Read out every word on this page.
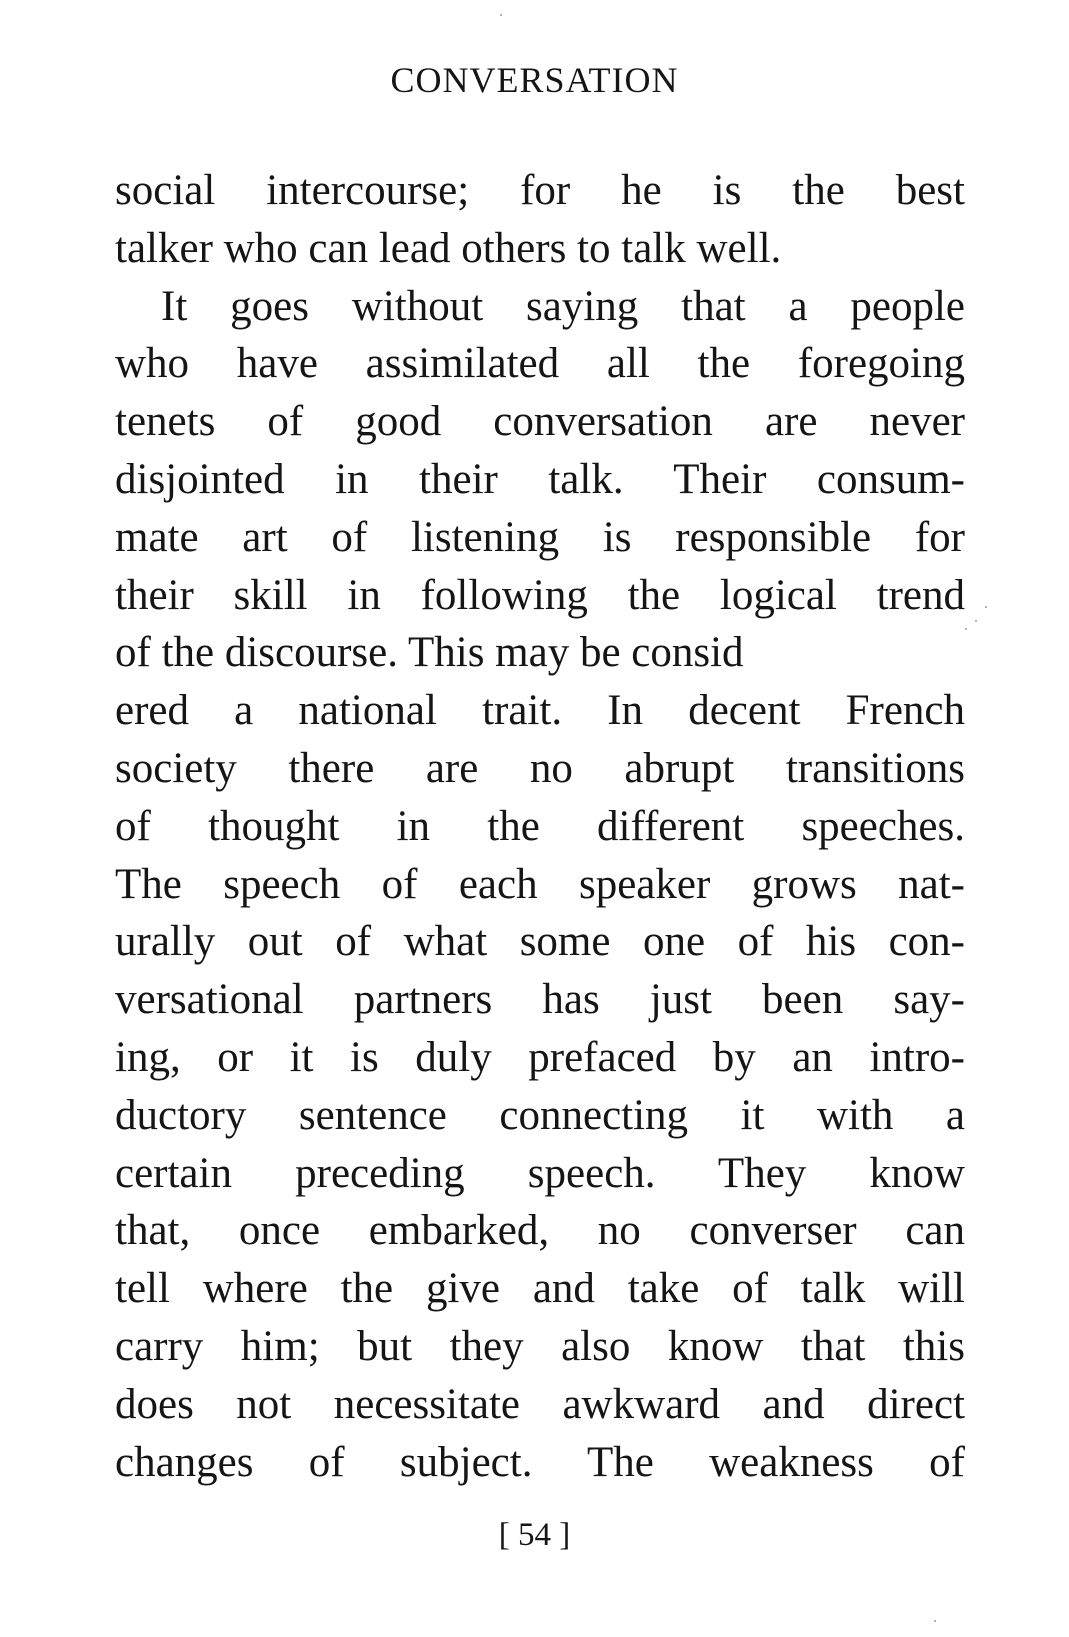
CONVERSATION
social intercourse; for he is the best
talker who can lead others to talk well.
It goes without saying that a people
who have assimilated all the foregoing
tenets of good conversation are never
disjointed in their talk. Their consum-
mate art of listening is responsible for
their skill in following the logical trend
of the discourse. This may be consid
ered a national trait. In decent French
society there are no abrupt transitions
of thought in the different speeches.
The speech of each speaker grows nat-
urally out of what some one of his con-
versational partners has just been say-
ing, or it is duly prefaced by an intro-
ductory sentence connecting it with a
certain preceding speech. They know
that, once embarked, no converser can
tell where the give and take of talk will
carry him; but they also know that this
does not necessitate awkward and direct
changes of subject. The weakness of
[ 54 ]
